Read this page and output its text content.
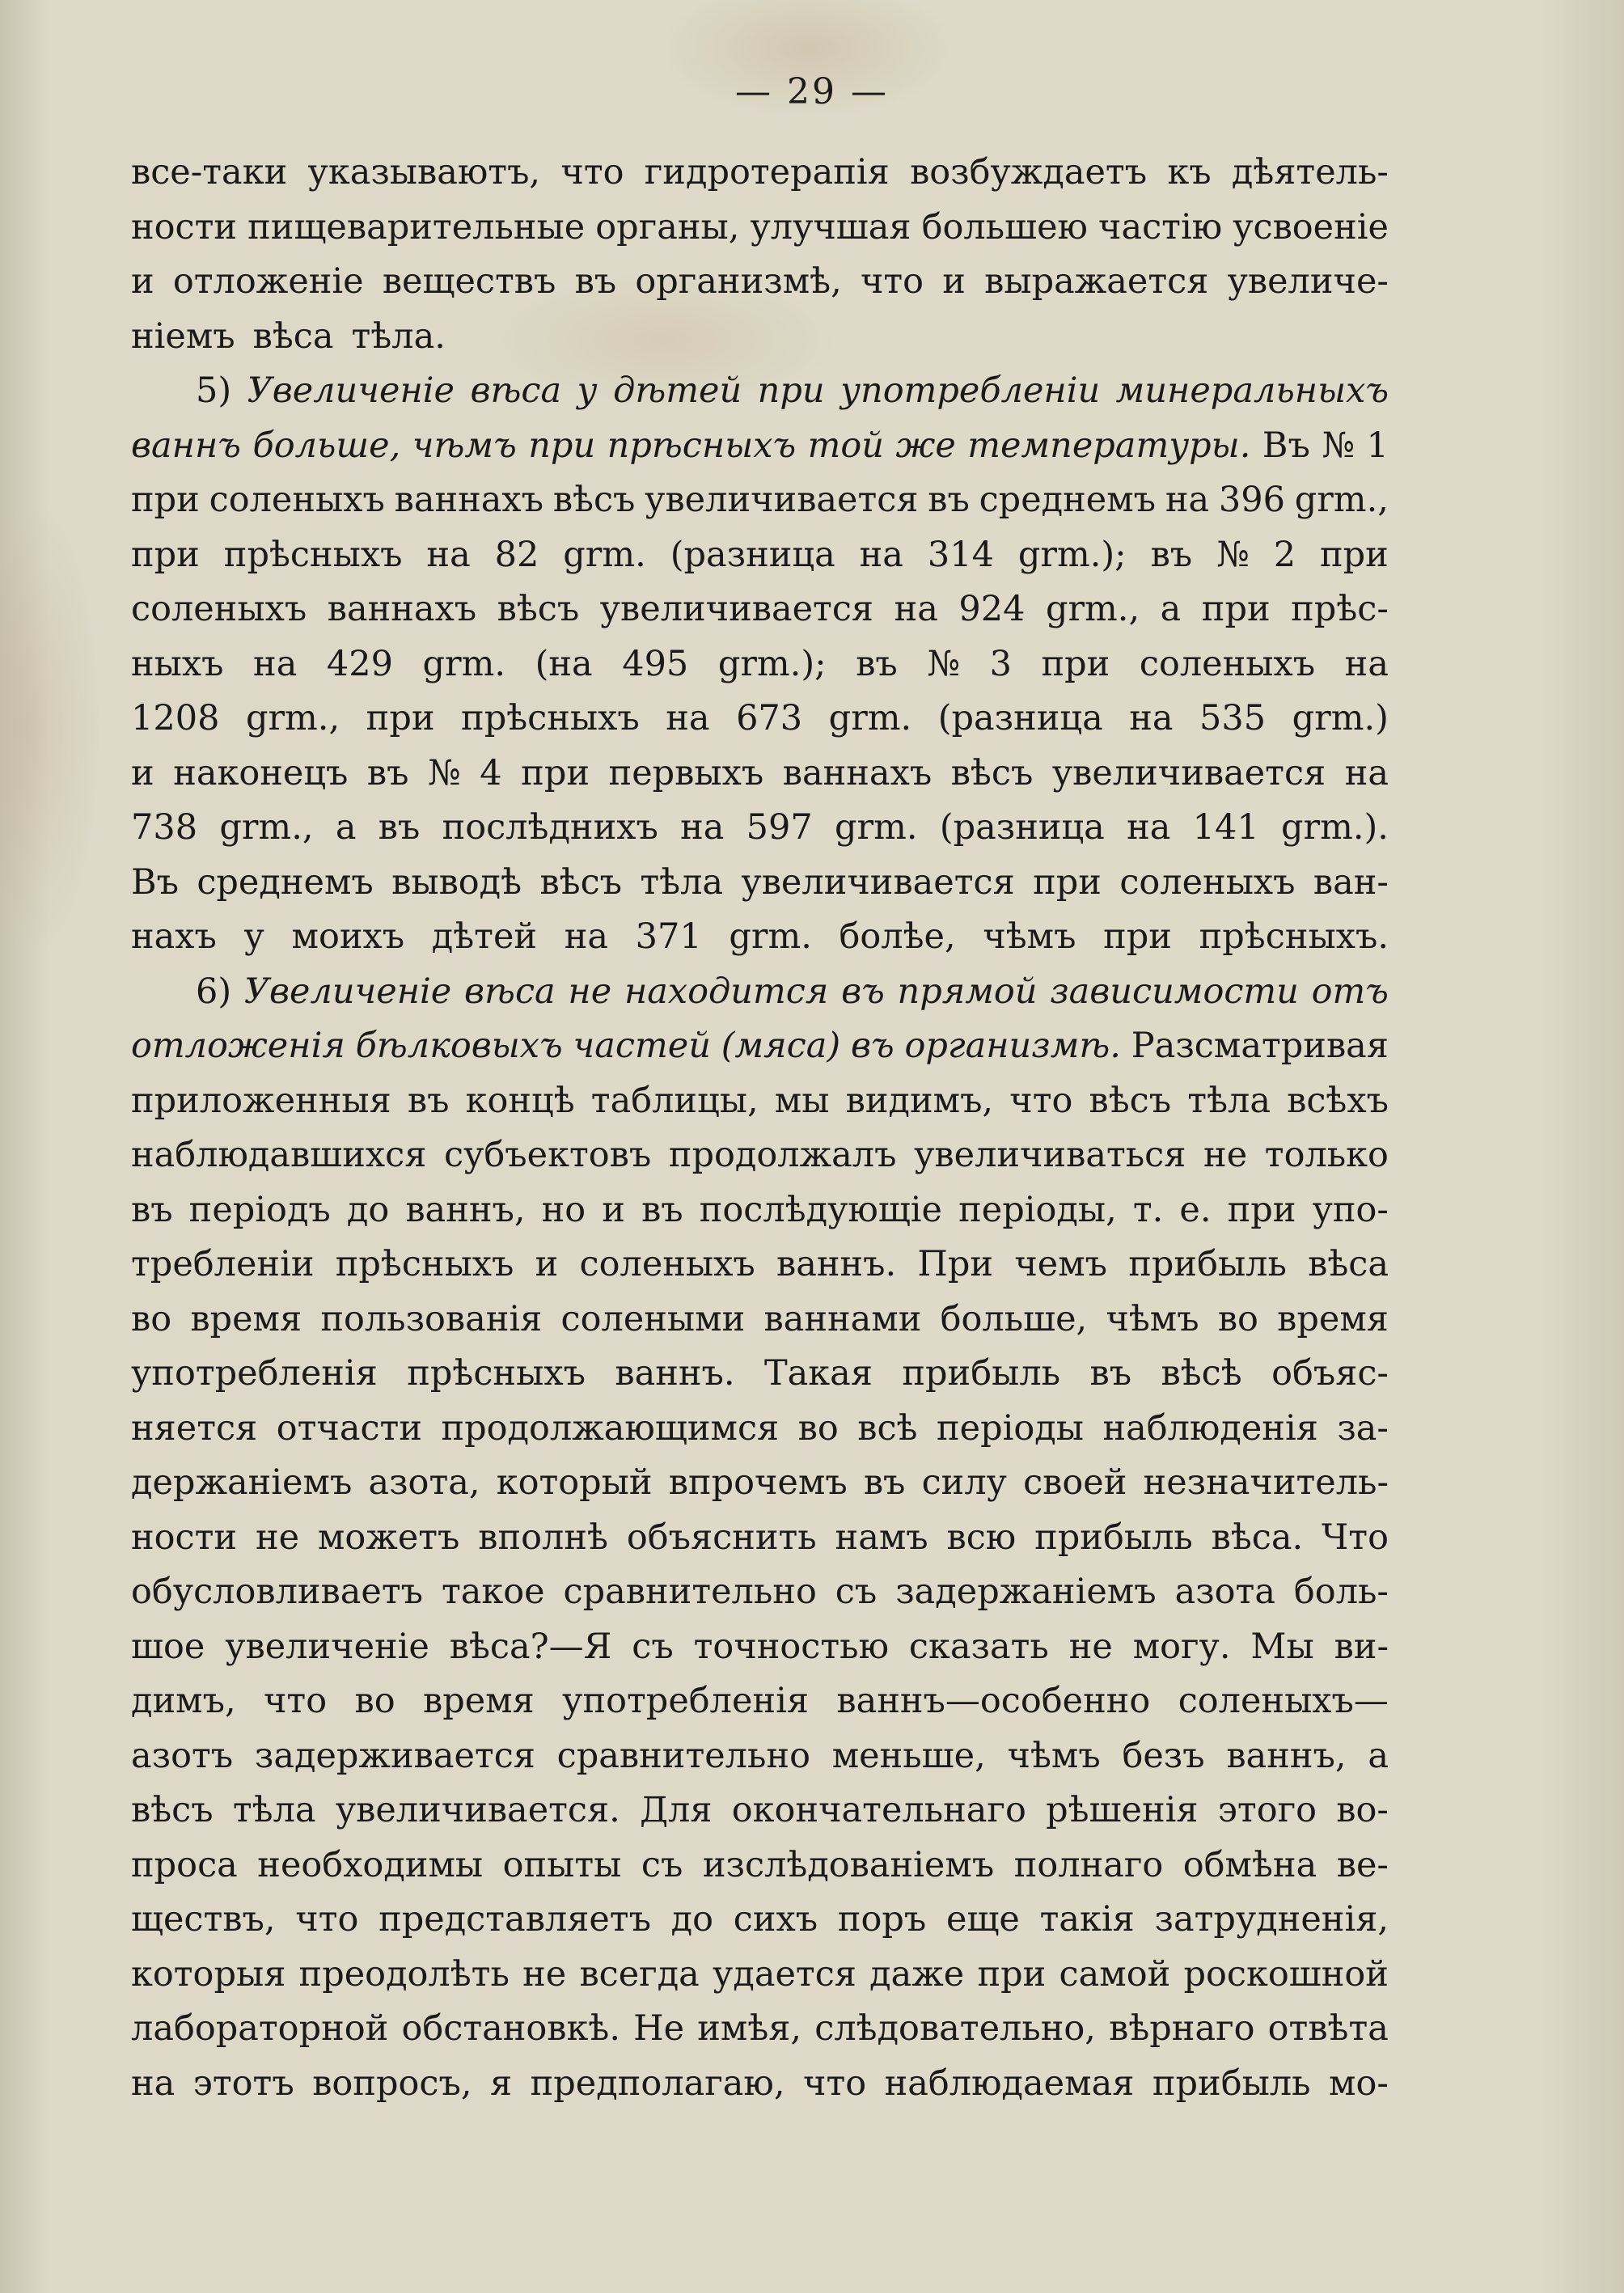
— 29 —
все-таки указываютъ, что гидротерапія возбуждаетъ къ дѣятель-
ности пищеварительные органы, улучшая большею частію усвоеніе
и отложеніе веществъ въ организмѣ, что и выражается увеличе-
ніемъ вѣса тѣла.
5) Увеличеніе вѣса у дѣтей при употребленіи минеральныхъ
ваннъ больше, чѣмъ при прѣсныхъ той же температуры. Въ № 1
при соленыхъ ваннахъ вѣсъ увеличивается въ среднемъ на 396 grm.,
при прѣсныхъ на 82 grm. (разница на 314 grm.); въ № 2 при
соленыхъ ваннахъ вѣсъ увеличивается на 924 grm., а при прѣс-
ныхъ на 429 grm. (на 495 grm.); въ № 3 при соленыхъ на
1208 grm., при прѣсныхъ на 673 grm. (разница на 535 grm.)
и наконецъ въ № 4 при первыхъ ваннахъ вѣсъ увеличивается на
738 grm., а въ послѣднихъ на 597 grm. (разница на 141 grm.).
Въ среднемъ выводѣ вѣсъ тѣла увеличивается при соленыхъ ван-
нахъ у моихъ дѣтей на 371 grm. болѣе, чѣмъ при прѣсныхъ.
6) Увеличеніе вѣса не находится въ прямой зависимости отъ
отложенія бѣлковыхъ частей (мяса) въ организмѣ. Разсматривая
приложенныя въ концѣ таблицы, мы видимъ, что вѣсъ тѣла всѣхъ
наблюдавшихся субъектовъ продолжалъ увеличиваться не только
въ періодъ до ваннъ, но и въ послѣдующіе періоды, т. е. при упо-
требленіи прѣсныхъ и соленыхъ ваннъ. При чемъ прибыль вѣса
во время пользованія солеными ваннами больше, чѣмъ во время
употребленія прѣсныхъ ваннъ. Такая прибыль въ вѣсѣ объяс-
няется отчасти продолжающимся во всѣ періоды наблюденія за-
держаніемъ азота, который впрочемъ въ силу своей незначитель-
ности не можетъ вполнѣ объяснить намъ всю прибыль вѣса. Что
обусловливаетъ такое сравнительно съ задержаніемъ азота боль-
шое увеличеніе вѣса?—Я съ точностью сказать не могу. Мы ви-
димъ, что во время употребленія ваннъ—особенно соленыхъ—
азотъ задерживается сравнительно меньше, чѣмъ безъ ваннъ, а
вѣсъ тѣла увеличивается. Для окончательнаго рѣшенія этого во-
проса необходимы опыты съ изслѣдованіемъ полнаго обмѣна ве-
ществъ, что представляетъ до сихъ поръ еще такія затрудненія,
которыя преодолѣть не всегда удается даже при самой роскошной
лабораторной обстановкѣ. Не имѣя, слѣдовательно, вѣрнаго отвѣта
на этотъ вопросъ, я предполагаю, что наблюдаемая прибыль мо-
